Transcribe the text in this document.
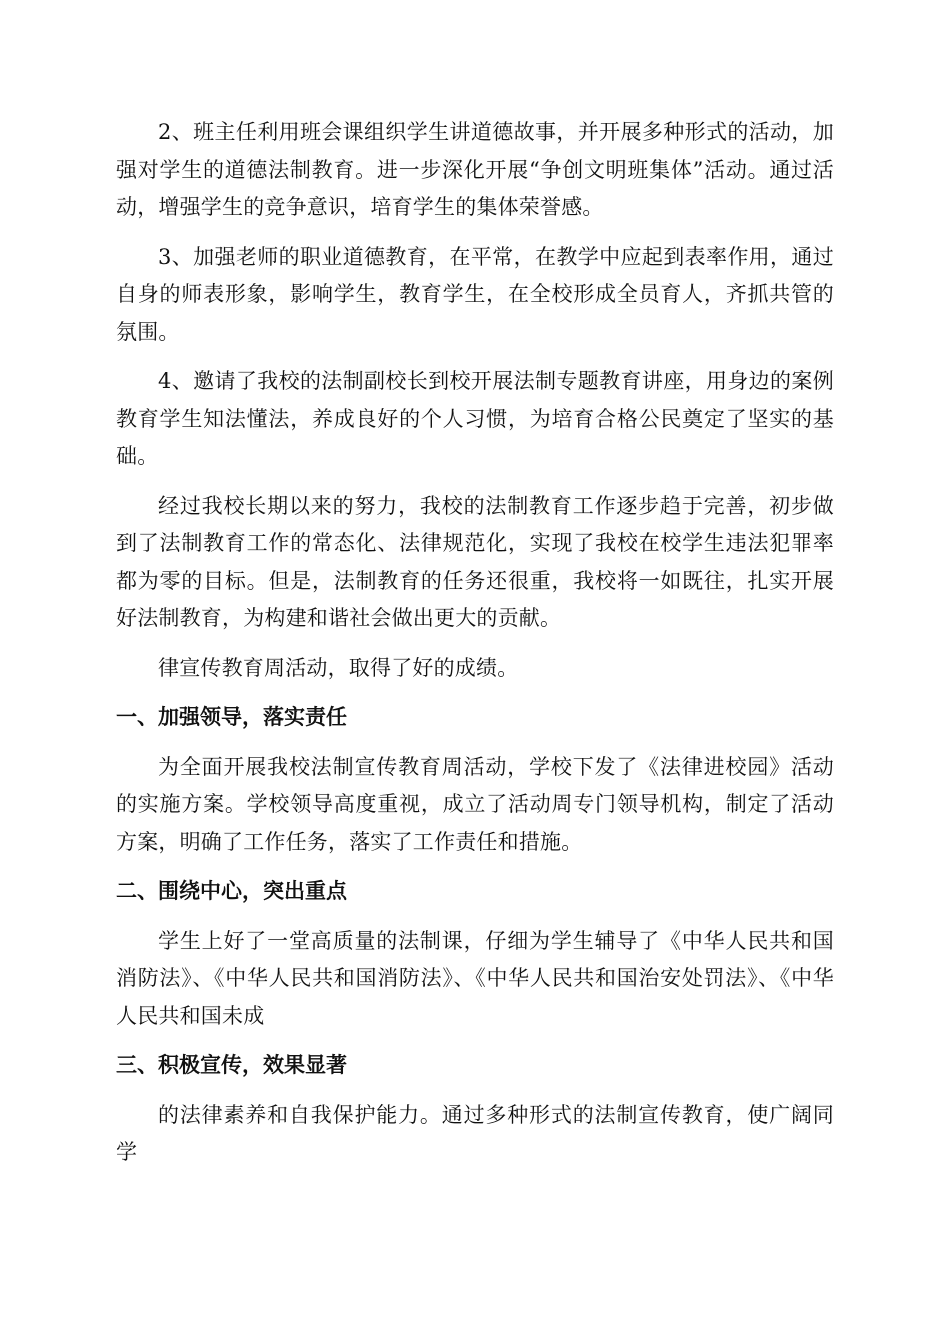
2、班主任利用班会课组织学生讲道德故事，并开展多种形式的活动，加强对学生的道德法制教育。进一步深化开展“争创文明班集体”活动。通过活动，增强学生的竞争意识，培育学生的集体荣誉感。

3、加强老师的职业道德教育，在平常，在教学中应起到表率作用，通过自身的师表形象，影响学生，教育学生，在全校形成全员育人，齐抓共管的氛围。

4、邀请了我校的法制副校长到校开展法制专题教育讲座，用身边的案例教育学生知法懂法，养成良好的个人习惯，为培育合格公民奠定了坚实的基础。

经过我校长期以来的努力，我校的法制教育工作逐步趋于完善，初步做到了法制教育工作的常态化、法律规范化，实现了我校在校学生违法犯罪率都为零的目标。但是，法制教育的任务还很重，我校将一如既往，扎实开展好法制教育，为构建和谐社会做出更大的贡献。

律宣传教育周活动，取得了好的成绩。

一、加强领导，落实责任

为全面开展我校法制宣传教育周活动，学校下发了《法律进校园》活动的实施方案。学校领导高度重视，成立了活动周专门领导机构，制定了活动方案，明确了工作任务，落实了工作责任和措施。

二、围绕中心，突出重点

学生上好了一堂高质量的法制课，仔细为学生辅导了《中华人民共和国消防法》、《中华人民共和国消防法》、《中华人民共和国治安处罚法》、《中华人民共和国未成

三、积极宣传，效果显著

的法律素养和自我保护能力。通过多种形式的法制宣传教育，使广阔同学
